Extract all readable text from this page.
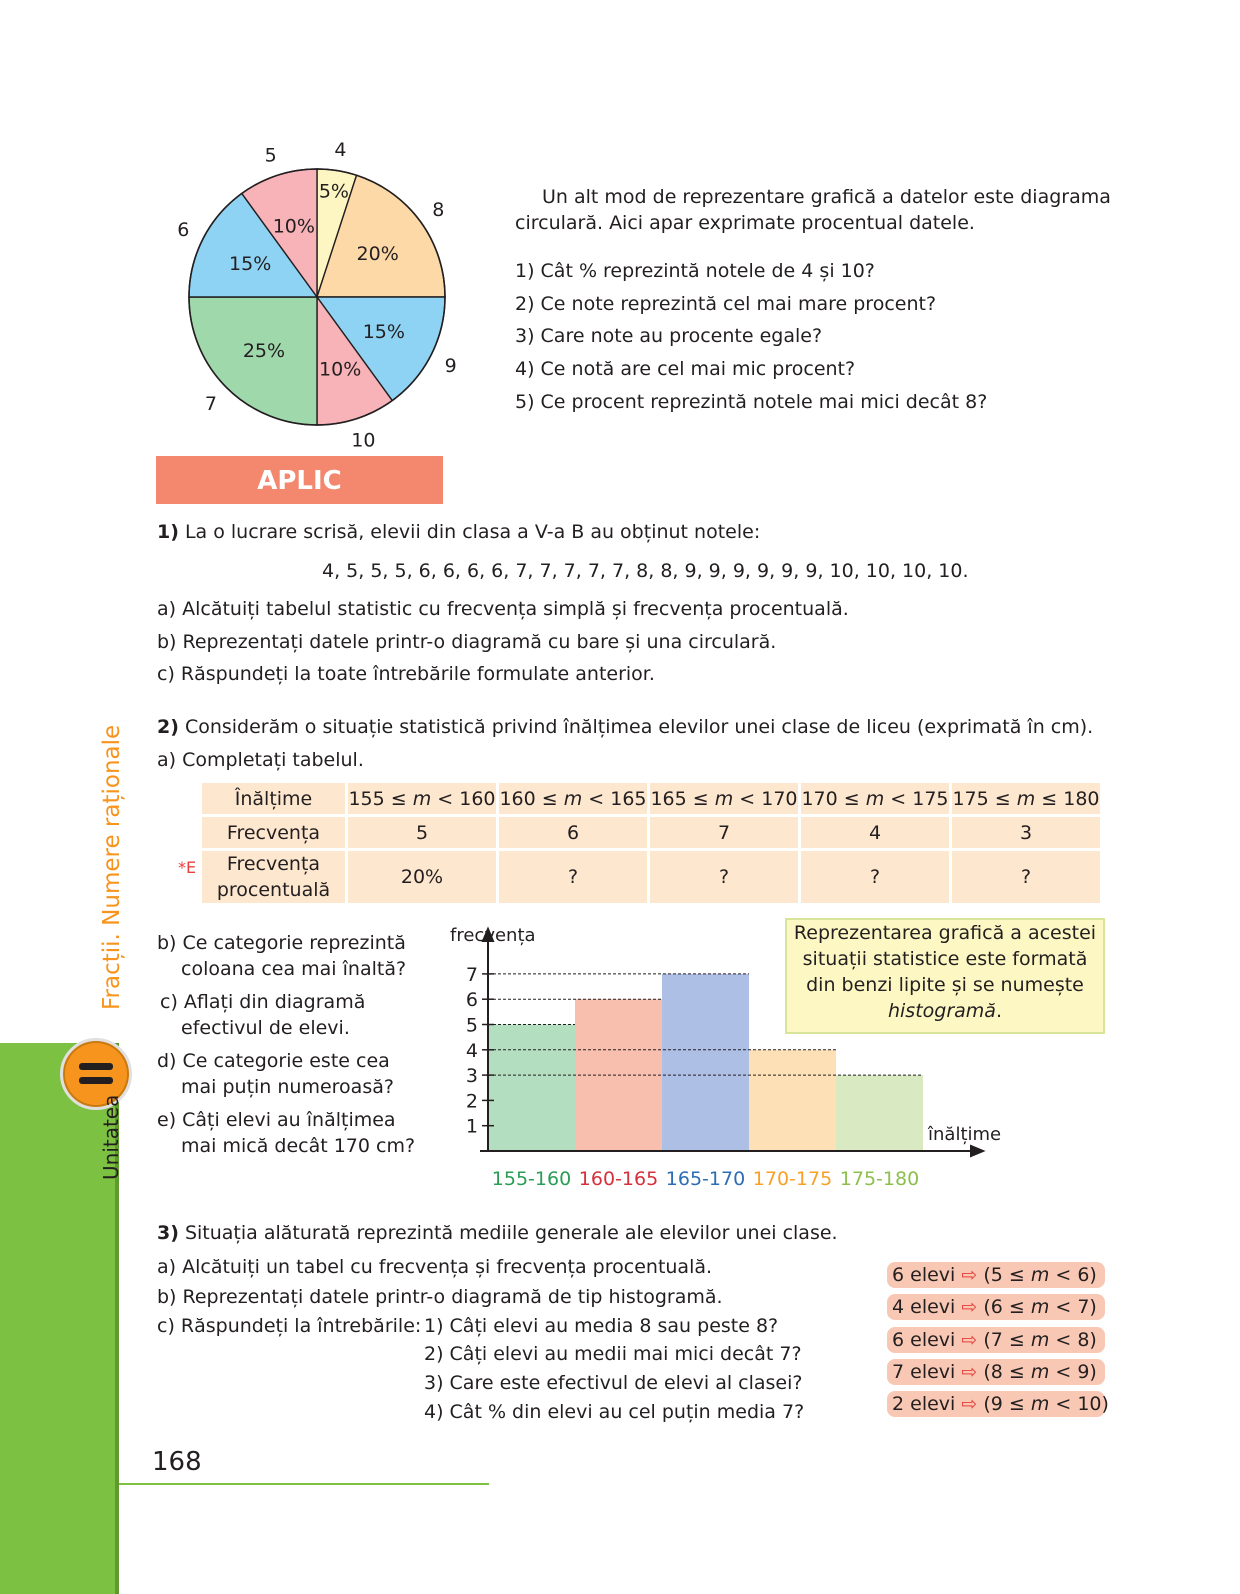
5%
20%
15%
10%
25%
15%
10%
4
8
9
10
7
6
5
Un alt mod de reprezentare grafică a datelor este diagrama
circulară. Aici apar exprimate procentual datele.
1) Cât % reprezintă notele de 4 și 10?
2) Ce note reprezintă cel mai mare procent?
3) Care note au procente egale?
4) Ce notă are cel mai mic procent?
5) Ce procent reprezintă notele mai mici decât 8?
APLIC
1) La o lucrare scrisă, elevii din clasa a V-a B au obținut notele:
4, 5, 5, 5, 6, 6, 6, 6, 7, 7, 7, 7, 7, 8, 8, 9, 9, 9, 9, 9, 9, 10, 10, 10, 10.
a) Alcătuiți tabelul statistic cu frecvența simplă și frecvența procentuală.
b) Reprezentați datele printr-o diagramă cu bare și una circulară.
c) Răspundeți la toate întrebările formulate anterior.
2) Considerăm o situație statistică privind înălțimea elevilor unei clase de liceu (exprimată în cm).
a) Completați tabelul.
*E
Înălțime	155 ≤ m < 160	160 ≤ m < 165	165 ≤ m < 170	170 ≤ m < 175	175 ≤ m ≤ 180
Frecvența	5	6	7	4	3
Frecvența
procentuală	20%	?	?	?	?
b) Ce categorie reprezintă
coloana cea mai înaltă?
c) Aflați din diagramă
efectivul de elevi.
d) Ce categorie este cea
mai puțin numeroasă?
e) Câți elevi au înălțimea
mai mică decât 170 cm?
1
2
3
4
5
6
7
155-160 160-165 165-170 170-175 175-180
frecvența
înălțime
Reprezentarea grafică a acestei
situații statistice este formată
din benzi lipite și se numește
histogramă.
3) Situația alăturată reprezintă mediile generale ale elevilor unei clase.
a) Alcătuiți un tabel cu frecvența și frecvența procentuală.
b) Reprezentați datele printr-o diagramă de tip histogramă.
c) Răspundeți la întrebările: 1) Câți elevi au media 8 sau peste 8?
2) Câți elevi au medii mai mici decât 7?
3) Care este efectivul de elevi al clasei?
4) Cât % din elevi au cel puțin media 7?
6 elevi ⇨ (5 ≤ m < 6)
4 elevi ⇨ (6 ≤ m < 7)
6 elevi ⇨ (7 ≤ m < 8)
7 elevi ⇨ (8 ≤ m < 9)
2 elevi ⇨ (9 ≤ m < 10)
Unitatea
Fracții. Numere raționale
168
